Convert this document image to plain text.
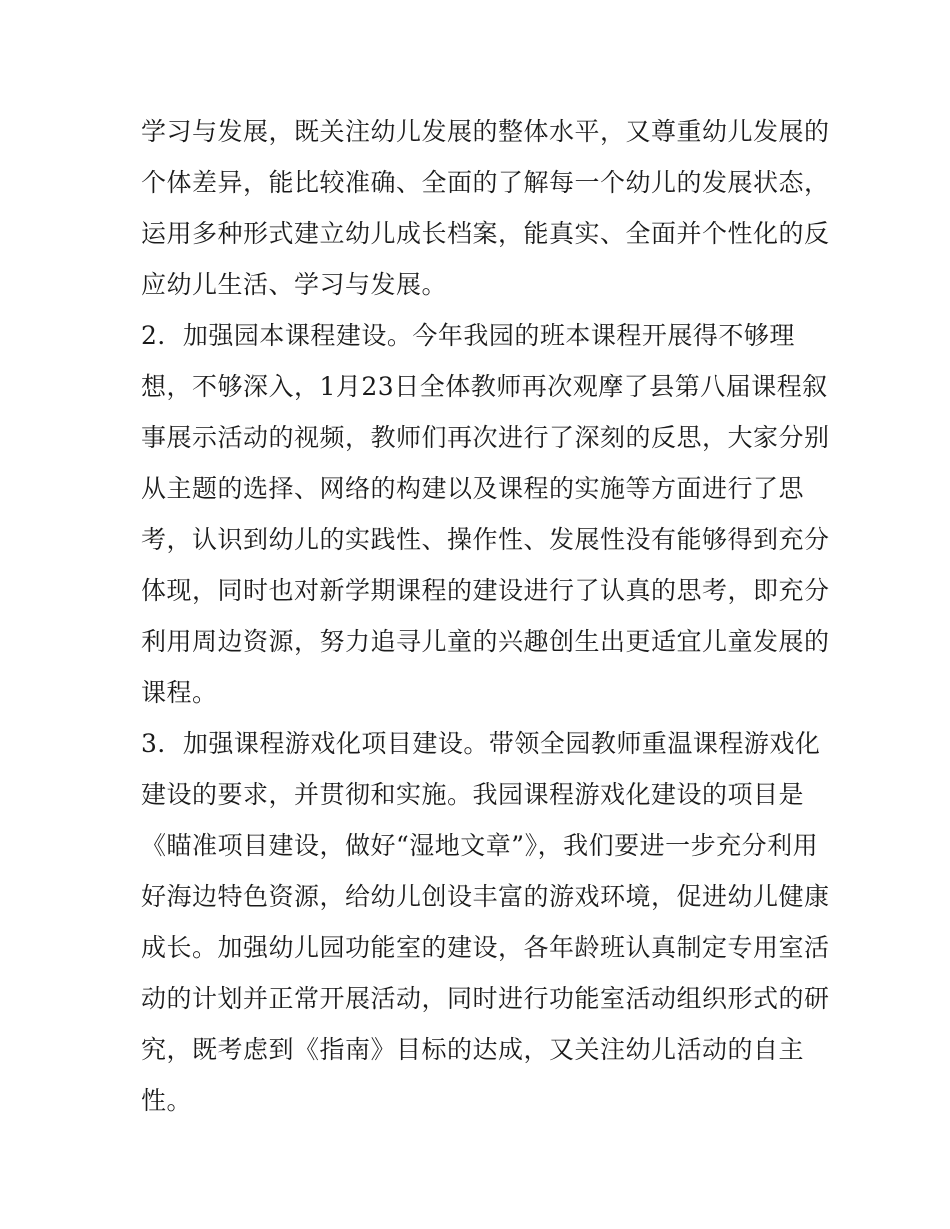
学习与发展，既关注幼儿发展的整体水平，又尊重幼儿发展的
个体差异，能比较准确、全面的了解每一个幼儿的发展状态，
运用多种形式建立幼儿成长档案，能真实、全面并个性化的反
应幼儿生活、学习与发展。
2．加强园本课程建设。今年我园的班本课程开展得不够理
想，不够深入，1月23日全体教师再次观摩了县第八届课程叙
事展示活动的视频，教师们再次进行了深刻的反思，大家分别
从主题的选择、网络的构建以及课程的实施等方面进行了思
考，认识到幼儿的实践性、操作性、发展性没有能够得到充分
体现，同时也对新学期课程的建设进行了认真的思考，即充分
利用周边资源，努力追寻儿童的兴趣创生出更适宜儿童发展的
课程。
3．加强课程游戏化项目建设。带领全园教师重温课程游戏化
建设的要求，并贯彻和实施。我园课程游戏化建设的项目是
《瞄准项目建设，做好“湿地文章”》，我们要进一步充分利用
好海边特色资源，给幼儿创设丰富的游戏环境，促进幼儿健康
成长。加强幼儿园功能室的建设，各年龄班认真制定专用室活
动的计划并正常开展活动，同时进行功能室活动组织形式的研
究，既考虑到《指南》目标的达成，又关注幼儿活动的自主
性。
